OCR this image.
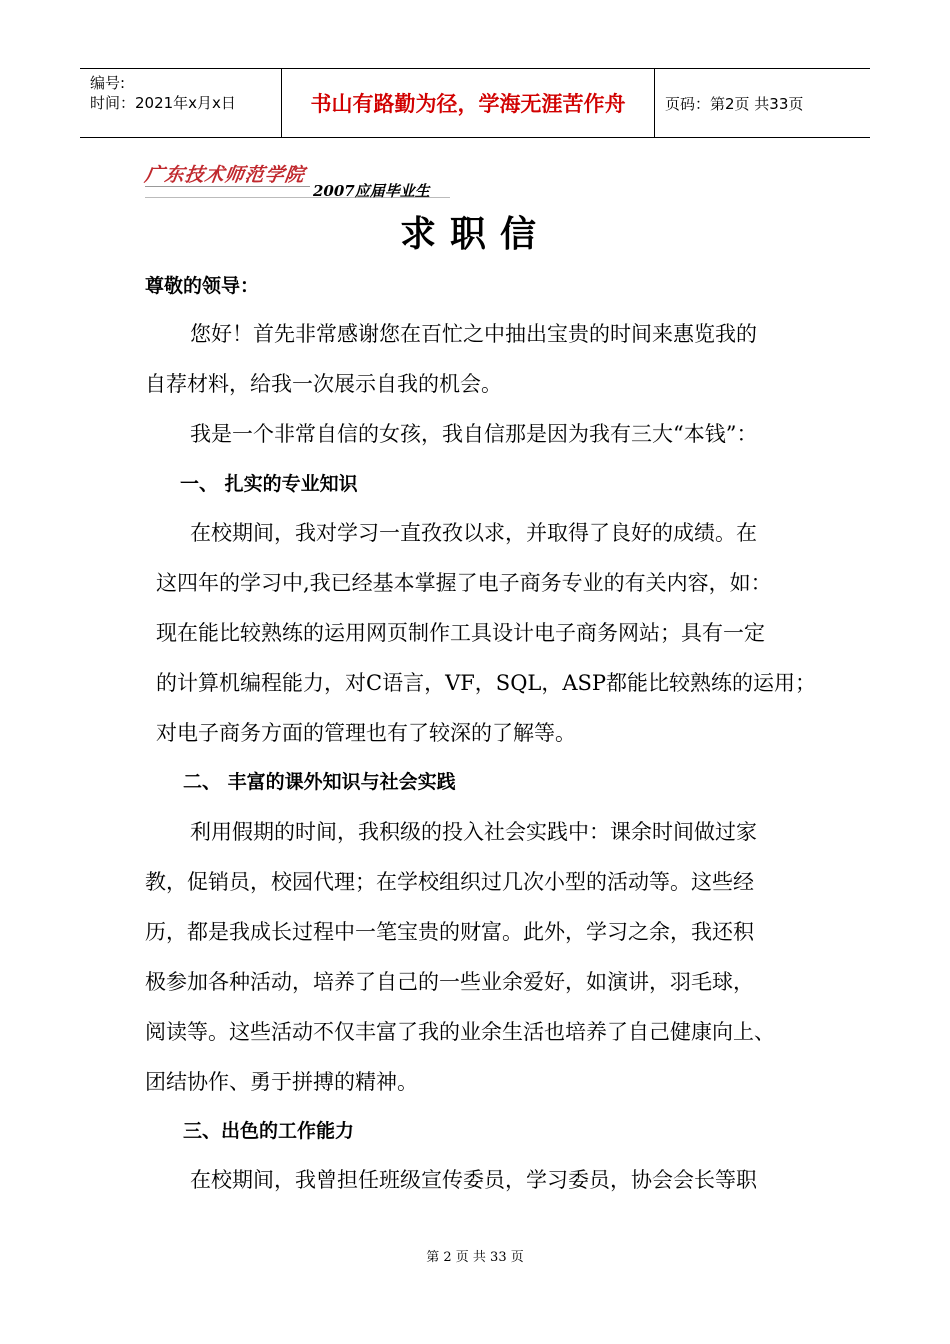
编号:
时间：2021年x月x日	书山有路勤为径，学海无涯苦作舟	页码：第2页 共33页
广东技术师范学院
2007应届毕业生
求职信
尊敬的领导：
您好！首先非常感谢您在百忙之中抽出宝贵的时间来惠览我的
自荐材料，给我一次展示自我的机会。
我是一个非常自信的女孩，我自信那是因为我有三大“本钱”：
一、 扎实的专业知识
在校期间，我对学习一直孜孜以求，并取得了良好的成绩。在
这四年的学习中,我已经基本掌握了电子商务专业的有关内容，如：
现在能比较熟练的运用网页制作工具设计电子商务网站；具有一定
的计算机编程能力，对C语言，VF，SQL，ASP都能比较熟练的运用；
对电子商务方面的管理也有了较深的了解等。
二、 丰富的课外知识与社会实践
利用假期的时间，我积级的投入社会实践中：课余时间做过家
教，促销员，校园代理；在学校组织过几次小型的活动等。这些经
历，都是我成长过程中一笔宝贵的财富。此外，学习之余，我还积
极参加各种活动，培养了自己的一些业余爱好，如演讲，羽毛球，
阅读等。这些活动不仅丰富了我的业余生活也培养了自己健康向上、
团结协作、勇于拼搏的精神。
三、出色的工作能力
在校期间，我曾担任班级宣传委员，学习委员，协会会长等职
第 2 页 共 33 页
